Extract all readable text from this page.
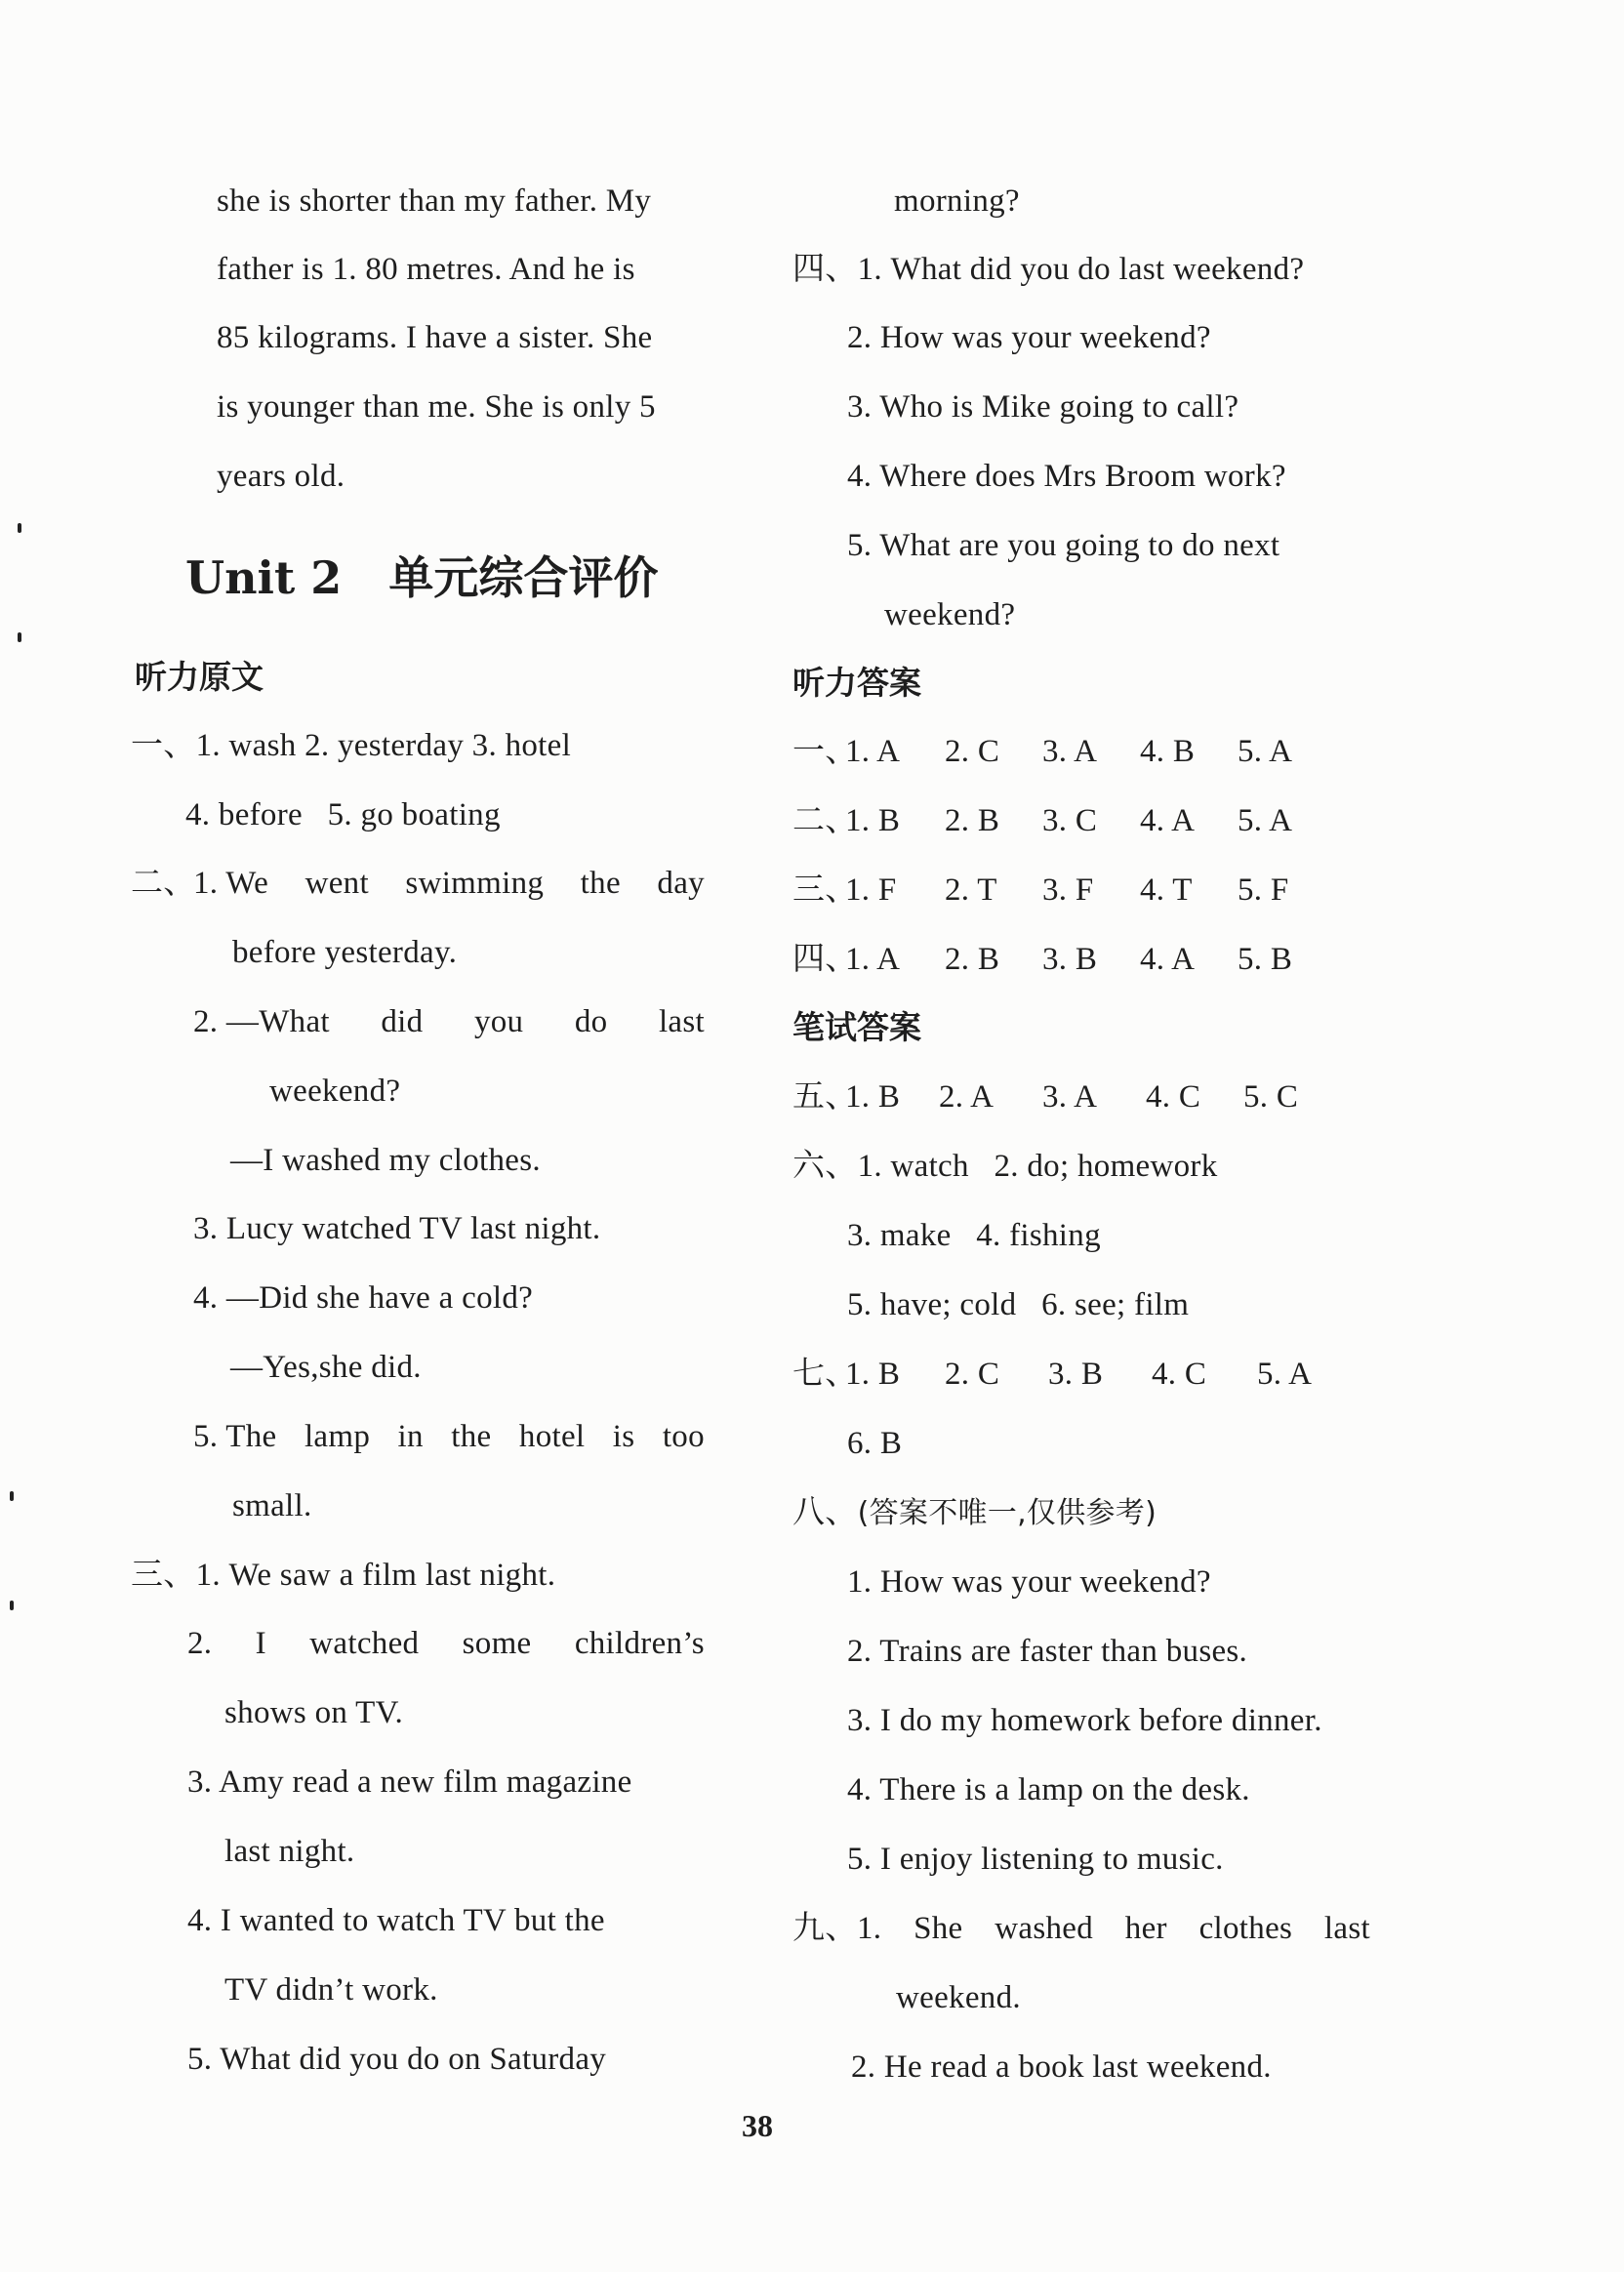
she is shorter than my father. My
father is 1. 80 metres. And he is
85 kilograms. I have a sister. She
is younger than me. She is only 5
years old.
Unit 2 单元综合评价
听力原文
一、1. wash 2. yesterday 3. hotel
4. before   5. go boating
二、
1. We went swimming the day
before yesterday.
2. —What did you do last
weekend?
—I washed my clothes.
3. Lucy watched TV last night.
4. —Did she have a cold?
—Yes,she did.
5. The lamp in the hotel is too
small.
三、1. We saw a film last night.
2. I watched some children’s
shows on TV.
3. Amy read a new film magazine
last night.
4. I wanted to watch TV but the
TV didn’t work.
5. What did you do on Saturday
morning?
四、1. What did you do last weekend?
2. How was your weekend?
3. Who is Mike going to call?
4. Where does Mrs Broom work?
5. What are you going to do next
weekend?
听力答案
一、
1. A 2. C 3. A 4. B 5. A
二、
1. B 2. B 3. C 4. A 5. A
三、
1. F 2. T 3. F 4. T 5. F
四、
1. A 2. B 3. B 4. A 5. B
笔试答案
五、
1. B 2. A 3. A 4. C 5. C
六、1. watch   2. do; homework
3. make   4. fishing
5. have; cold   6. see; film
七、
1. B 2. C 3. B 4. C 5. A
6. B
八、(答案不唯一,仅供参考)
1. How was your weekend?
2. Trains are faster than buses.
3. I do my homework before dinner.
4. There is a lamp on the desk.
5. I enjoy listening to music.
九、 1. She washed her clothes last
weekend.
2. He read a book last weekend.
38
